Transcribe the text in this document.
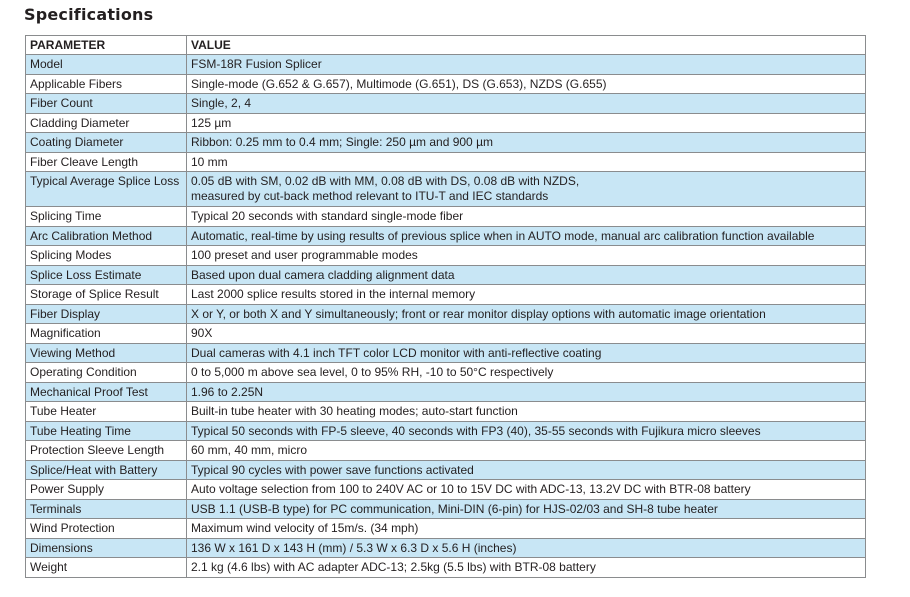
Specifications
PARAMETER	VALUE
Model	FSM-18R Fusion Splicer
Applicable Fibers	Single-mode (G.652 & G.657), Multimode (G.651), DS (G.653), NZDS (G.655)
Fiber Count	Single, 2, 4
Cladding Diameter	125 µm
Coating Diameter	Ribbon: 0.25 mm to 0.4 mm; Single: 250 µm and 900 µm
Fiber Cleave Length	10 mm
Typical Average Splice Loss	0.05 dB with SM, 0.02 dB with MM, 0.08 dB with DS, 0.08 dB with NZDS,
measured by cut-back method relevant to ITU-T and IEC standards

Splicing Time	Typical 20 seconds with standard single-mode fiber
Arc Calibration Method	Automatic, real-time by using results of previous splice when in AUTO mode, manual arc calibration function available
Splicing Modes	100 preset and user programmable modes
Splice Loss Estimate	Based upon dual camera cladding alignment data
Storage of Splice Result	Last 2000 splice results stored in the internal memory
Fiber Display	X or Y, or both X and Y simultaneously; front or rear monitor display options with automatic image orientation
Magnification	90X
Viewing Method	Dual cameras with 4.1 inch TFT color LCD monitor with anti-reflective coating
Operating Condition	0 to 5,000 m above sea level, 0 to 95% RH, -10 to 50°C respectively
Mechanical Proof Test	1.96 to 2.25N
Tube Heater	Built-in tube heater with 30 heating modes; auto-start function
Tube Heating Time	Typical 50 seconds with FP-5 sleeve, 40 seconds with FP3 (40), 35-55 seconds with Fujikura micro sleeves
Protection Sleeve Length	60 mm, 40 mm, micro
Splice/Heat with Battery	Typical 90 cycles with power save functions activated
Power Supply	Auto voltage selection from 100 to 240V AC or 10 to 15V DC with ADC-13, 13.2V DC with BTR-08 battery
Terminals	USB 1.1 (USB-B type) for PC communication, Mini-DIN (6-pin) for HJS-02/03 and SH-8 tube heater
Wind Protection	Maximum wind velocity of 15m/s. (34 mph)
Dimensions	136 W x 161 D x 143 H (mm) / 5.3 W x 6.3 D x 5.6 H (inches)
Weight	2.1 kg (4.6 lbs) with AC adapter ADC-13; 2.5kg (5.5 lbs) with BTR-08 battery
